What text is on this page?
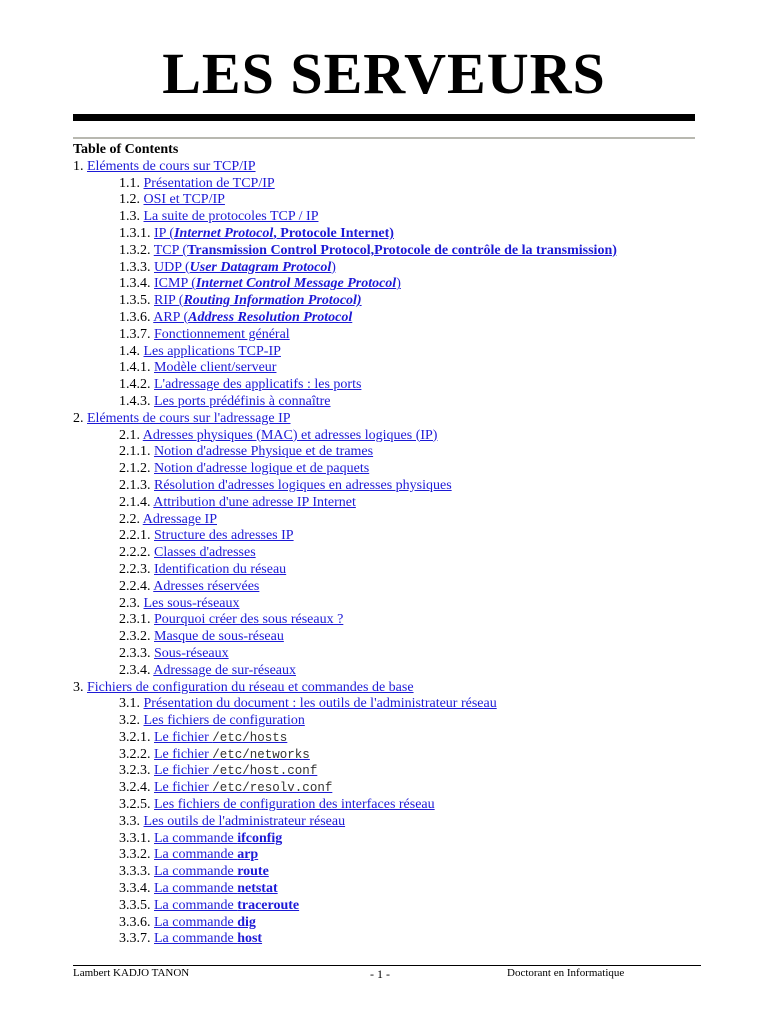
LES SERVEURS
Table of Contents
1. Eléments de cours sur TCP/IP
1.1. Présentation de TCP/IP
1.2. OSI et TCP/IP
1.3. La suite de protocoles TCP / IP
1.3.1. IP (Internet Protocol, Protocole Internet)
1.3.2. TCP (Transmission Control Protocol,Protocole de contrôle de la transmission)
1.3.3. UDP (User Datagram Protocol)
1.3.4. ICMP (Internet Control Message Protocol)
1.3.5. RIP (Routing Information Protocol)
1.3.6. ARP (Address Resolution Protocol
1.3.7. Fonctionnement général
1.4. Les applications TCP-IP
1.4.1. Modèle client/serveur
1.4.2. L'adressage des applicatifs : les ports
1.4.3. Les ports prédéfinis à connaître
2. Eléments de cours sur l'adressage IP
2.1. Adresses physiques (MAC) et adresses logiques (IP)
2.1.1. Notion d'adresse Physique et de trames
2.1.2. Notion d'adresse logique et de paquets
2.1.3. Résolution d'adresses logiques en adresses physiques
2.1.4. Attribution d'une adresse IP Internet
2.2. Adressage IP
2.2.1. Structure des adresses IP
2.2.2. Classes d'adresses
2.2.3. Identification du réseau
2.2.4. Adresses réservées
2.3. Les sous-réseaux
2.3.1. Pourquoi créer des sous réseaux ?
2.3.2. Masque de sous-réseau
2.3.3. Sous-réseaux
2.3.4. Adressage de sur-réseaux
3. Fichiers de configuration du réseau et commandes de base
3.1. Présentation du document : les outils de l'administrateur réseau
3.2. Les fichiers de configuration
3.2.1. Le fichier /etc/hosts
3.2.2. Le fichier /etc/networks
3.2.3. Le fichier /etc/host.conf
3.2.4. Le fichier /etc/resolv.conf
3.2.5. Les fichiers de configuration des interfaces réseau
3.3. Les outils de l'administrateur réseau
3.3.1. La commande ifconfig
3.3.2. La commande arp
3.3.3. La commande route
3.3.4. La commande netstat
3.3.5. La commande traceroute
3.3.6. La commande dig
3.3.7. La commande host
Lambert KADJO TANON	- 1 -	Doctorant en Informatique
